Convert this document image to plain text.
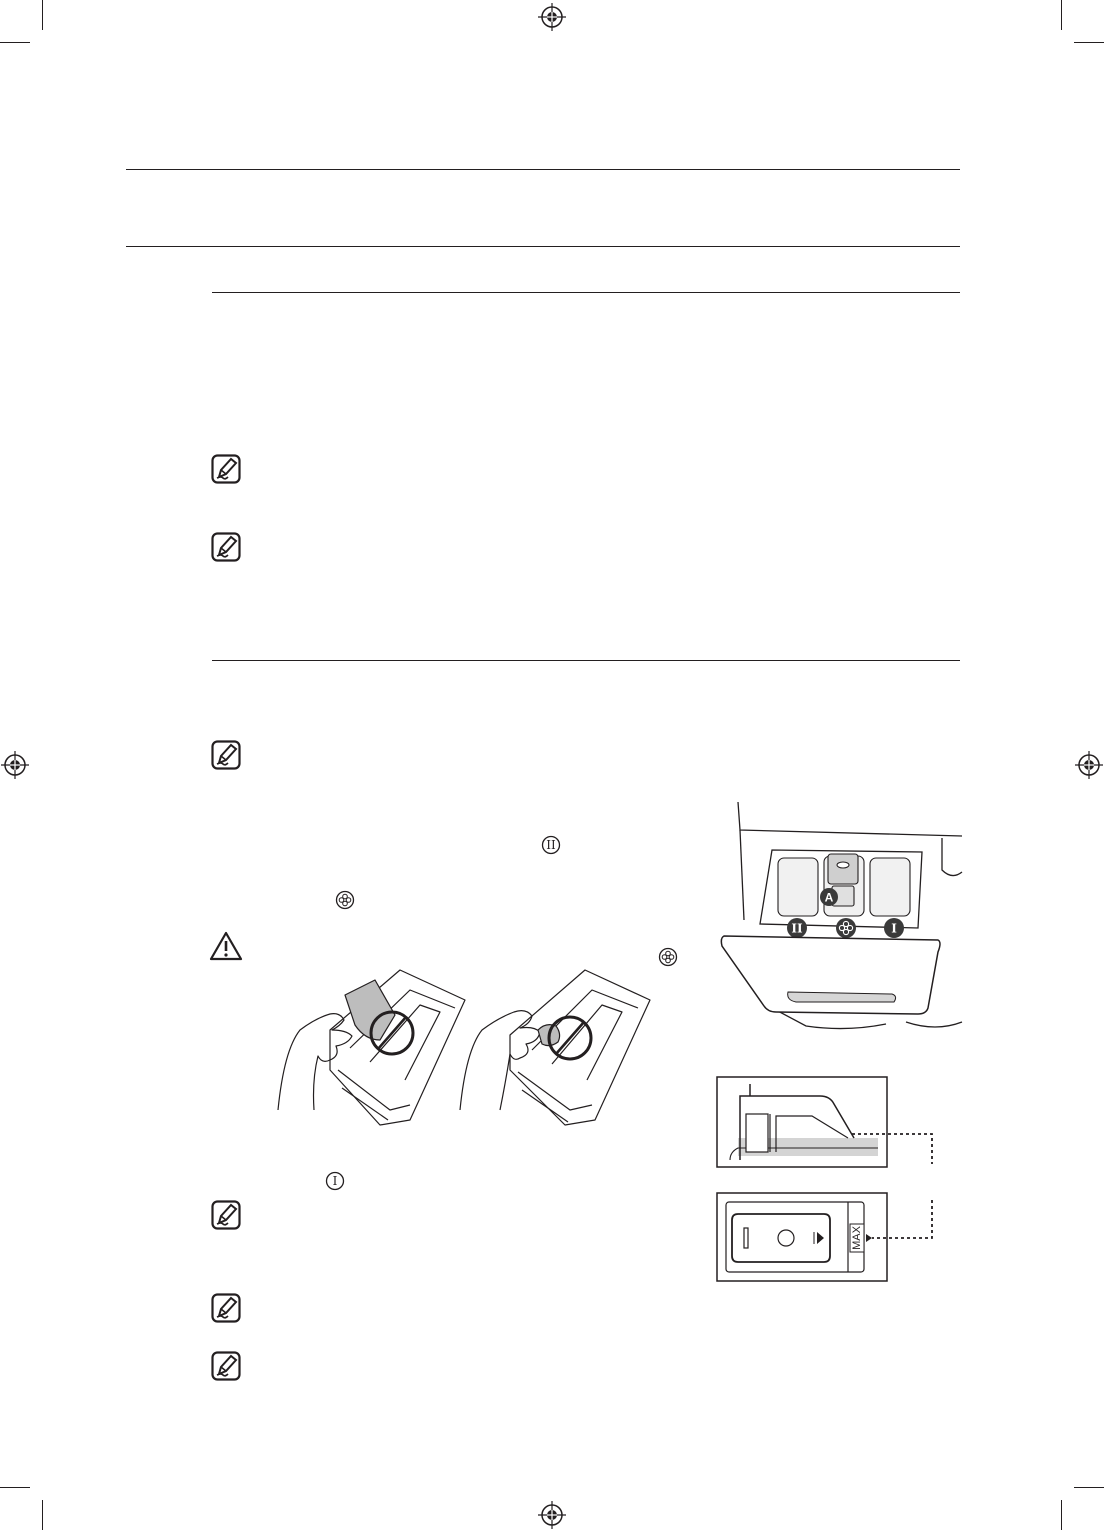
II
I
A
II	I
MAX
